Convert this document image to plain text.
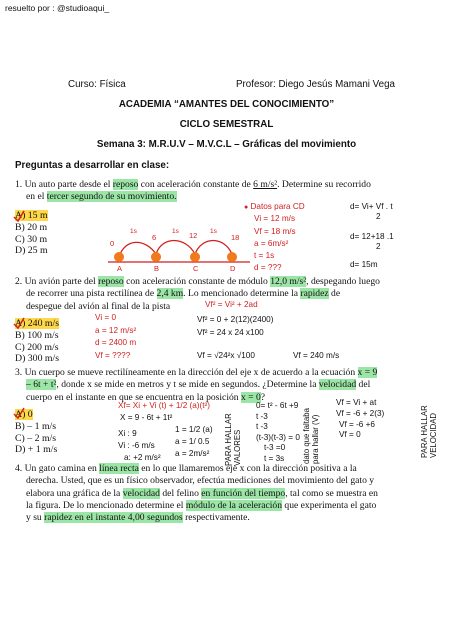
resuelto por : @studioaqui_
Curso: Física	Profesor: Diego Jesús Mamani Vega
ACADEMIA “AMANTES DEL CONOCIMIENTO”
CICLO SEMESTRAL
Semana 3: M.R.U.V – M.V.C.L – Gráficas del movimiento
Preguntas a desarrollar en clase:
1. Un auto parte desde el reposo con aceleración constante de 6 m/s². Determine su recorrido
en el tercer segundo de su movimiento.
A) 15 m
B) 20 m
C) 30 m
D) 25 m
0
6	12	18
1s	1s	1s
A	B	C	D
● Datos para CD
Vi = 12 m/s
Vf = 18 m/s
a = 6m/s²
t = 1s
d = ???
d= Vi+ Vf . t
2
d= 12+18 .1
2
d= 15m
2. Un avión parte del reposo con aceleración constante de módulo 12,0 m/s², despegando luego
de recorrer una pista rectilínea de 2,4 km. Lo mencionado determine la rapidez de
despegue del avión al final de la pista	Vf² = Vi² + 2ad
A) 240 m/s
B) 100 m/s
C) 200 m/s
D) 300 m/s
Vi = 0
a = 12 m/s²
d = 2400 m
Vf = ????
Vf² = 0 + 2(12)(2400)
Vf² = 24 x 24 x100
Vf = √24²x √100	Vf = 240 m/s
3. Un cuerpo se mueve rectilíneamente en la dirección del eje x de acuerdo a la ecuación x = 9
– 6t + t², donde x se mide en metros y t se mide en segundos. ¿Determine la velocidad del
cuerpo en el instante en que se encuentra en la posición x = 0?
A) 0
B) – 1 m/s
C) – 2 m/s
D) + 1 m/s
Xf= Xi + Vi (t) + 1/2 (a)(t²)
X = 9 - 6t + 1t²
Xi : 9
Vi : -6 m/s
a: +2 m/s²
1 = 1/2 (a)
a = 1/ 0.5
a = 2m/s²	PARA HALLAR VALORES
0= t² - 6t +9
t -3
t -3
(t-3)(t-3) = 0
t-3 =0
t = 3s	dato que faltaba para hallar (V)
Vf = Vi + at
Vf = -6 + 2(3)
Vf = -6 +6
Vf = 0	PARA HALLAR VELOCIDAD
4. Un gato camina en línea recta en lo que llamaremos eje x con la dirección positiva a la
derecha. Usted, que es un físico observador, efectúa mediciones del movimiento del gato y
elabora una gráfica de la velocidad del felino en función del tiempo, tal como se muestra en
la figura. De lo mencionado determine el módulo de la aceleración que experimenta el gato
y su rapidez en el instante 4,00 segundos respectivamente.
